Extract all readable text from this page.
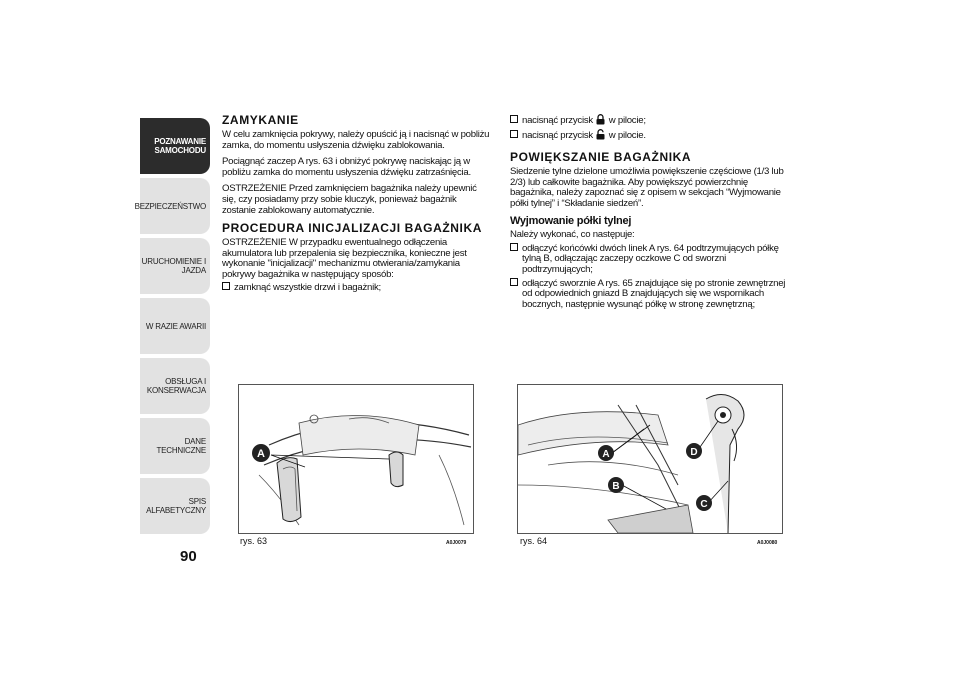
POZNAWANIE
SAMOCHODU
BEZPIECZEŃSTWO
URUCHOMIENIE I
JAZDA
W RAZIE AWARII
OBSŁUGA I
KONSERWACJA
DANE TECHNICZNE
SPIS ALFABETYCZNY
90
ZAMYKANIE

W celu zamknięcia pokrywy, należy opuścić ją i nacisnąć w pobliżu zamka, do momentu usłyszenia dźwięku zablokowania.

Pociągnąć zaczep A rys. 63 i obniżyć pokrywę naciskając ją w pobliżu zamka do momentu usłyszenia dźwięku zatrzaśnięcia.

OSTRZEŻENIE Przed zamknięciem bagażnika należy upewnić się, czy posiadamy przy sobie kluczyk, ponieważ bagażnik zostanie zablokowany automatycznie.

PROCEDURA INICJALIZACJI BAGAŻNIKA

OSTRZEŻENIE W przypadku ewentualnego odłączenia akumulatora lub przepalenia się bezpiecznika, konieczne jest wykonanie "inicjalizacji" mechanizmu otwierania/zamykania pokrywy bagażnika w następujący sposób:

zamknąć wszystkie drzwi i bagażnik;
nacisnąć przycisk w pilocie;
nacisnąć przycisk w pilocie.
POWIĘKSZANIE BAGAŻNIKA

Siedzenie tylne dzielone umożliwia powiększenie częściowe (1/3 lub 2/3) lub całkowite bagażnika. Aby powiększyć powierzchnię bagażnika, należy zapoznać się z opisem w sekcjach “Wyjmowanie półki tylnej” i “Składanie siedzeń”.

Wyjmowanie półki tylnej

Należy wykonać, co następuje:

odłączyć końcówki dwóch linek A rys. 64 podtrzymujących półkę tylną B, odłączając zaczepy oczkowe C od sworzni podtrzymujących;
odłączyć sworznie A rys. 65 znajdujące się po stronie zewnętrznej od odpowiednich gniazd B znajdujących się we wspornikach bocznych, następnie wysunąć półkę w stronę zewnętrzną;
A
rys. 63	A0J0079
A
B
C
D
rys. 64	A0J0080
